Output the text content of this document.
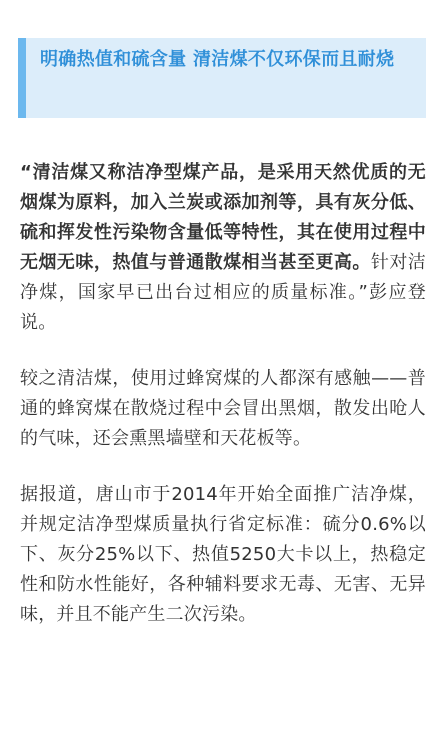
明确热值和硫含量 清洁煤不仅环保而且耐烧

“清洁煤又称洁净型煤产品，是采用天然优质的无烟煤为原料，加入兰炭或添加剂等，具有灰分低、硫和挥发性污染物含量低等特性，其在使用过程中无烟无味，热值与普通散煤相当甚至更高。针对洁净煤，国家早已出台过相应的质量标准。”彭应登说。

较之清洁煤，使用过蜂窝煤的人都深有感触——普通的蜂窝煤在散烧过程中会冒出黑烟，散发出呛人的气味，还会熏黑墙壁和天花板等。

据报道，唐山市于2014年开始全面推广洁净煤，并规定洁净型煤质量执行省定标准：硫分0.6%以下、灰分25%以下、热值5250大卡以上，热稳定性和防水性能好，各种辅料要求无毒、无害、无异味，并且不能产生二次污染。
